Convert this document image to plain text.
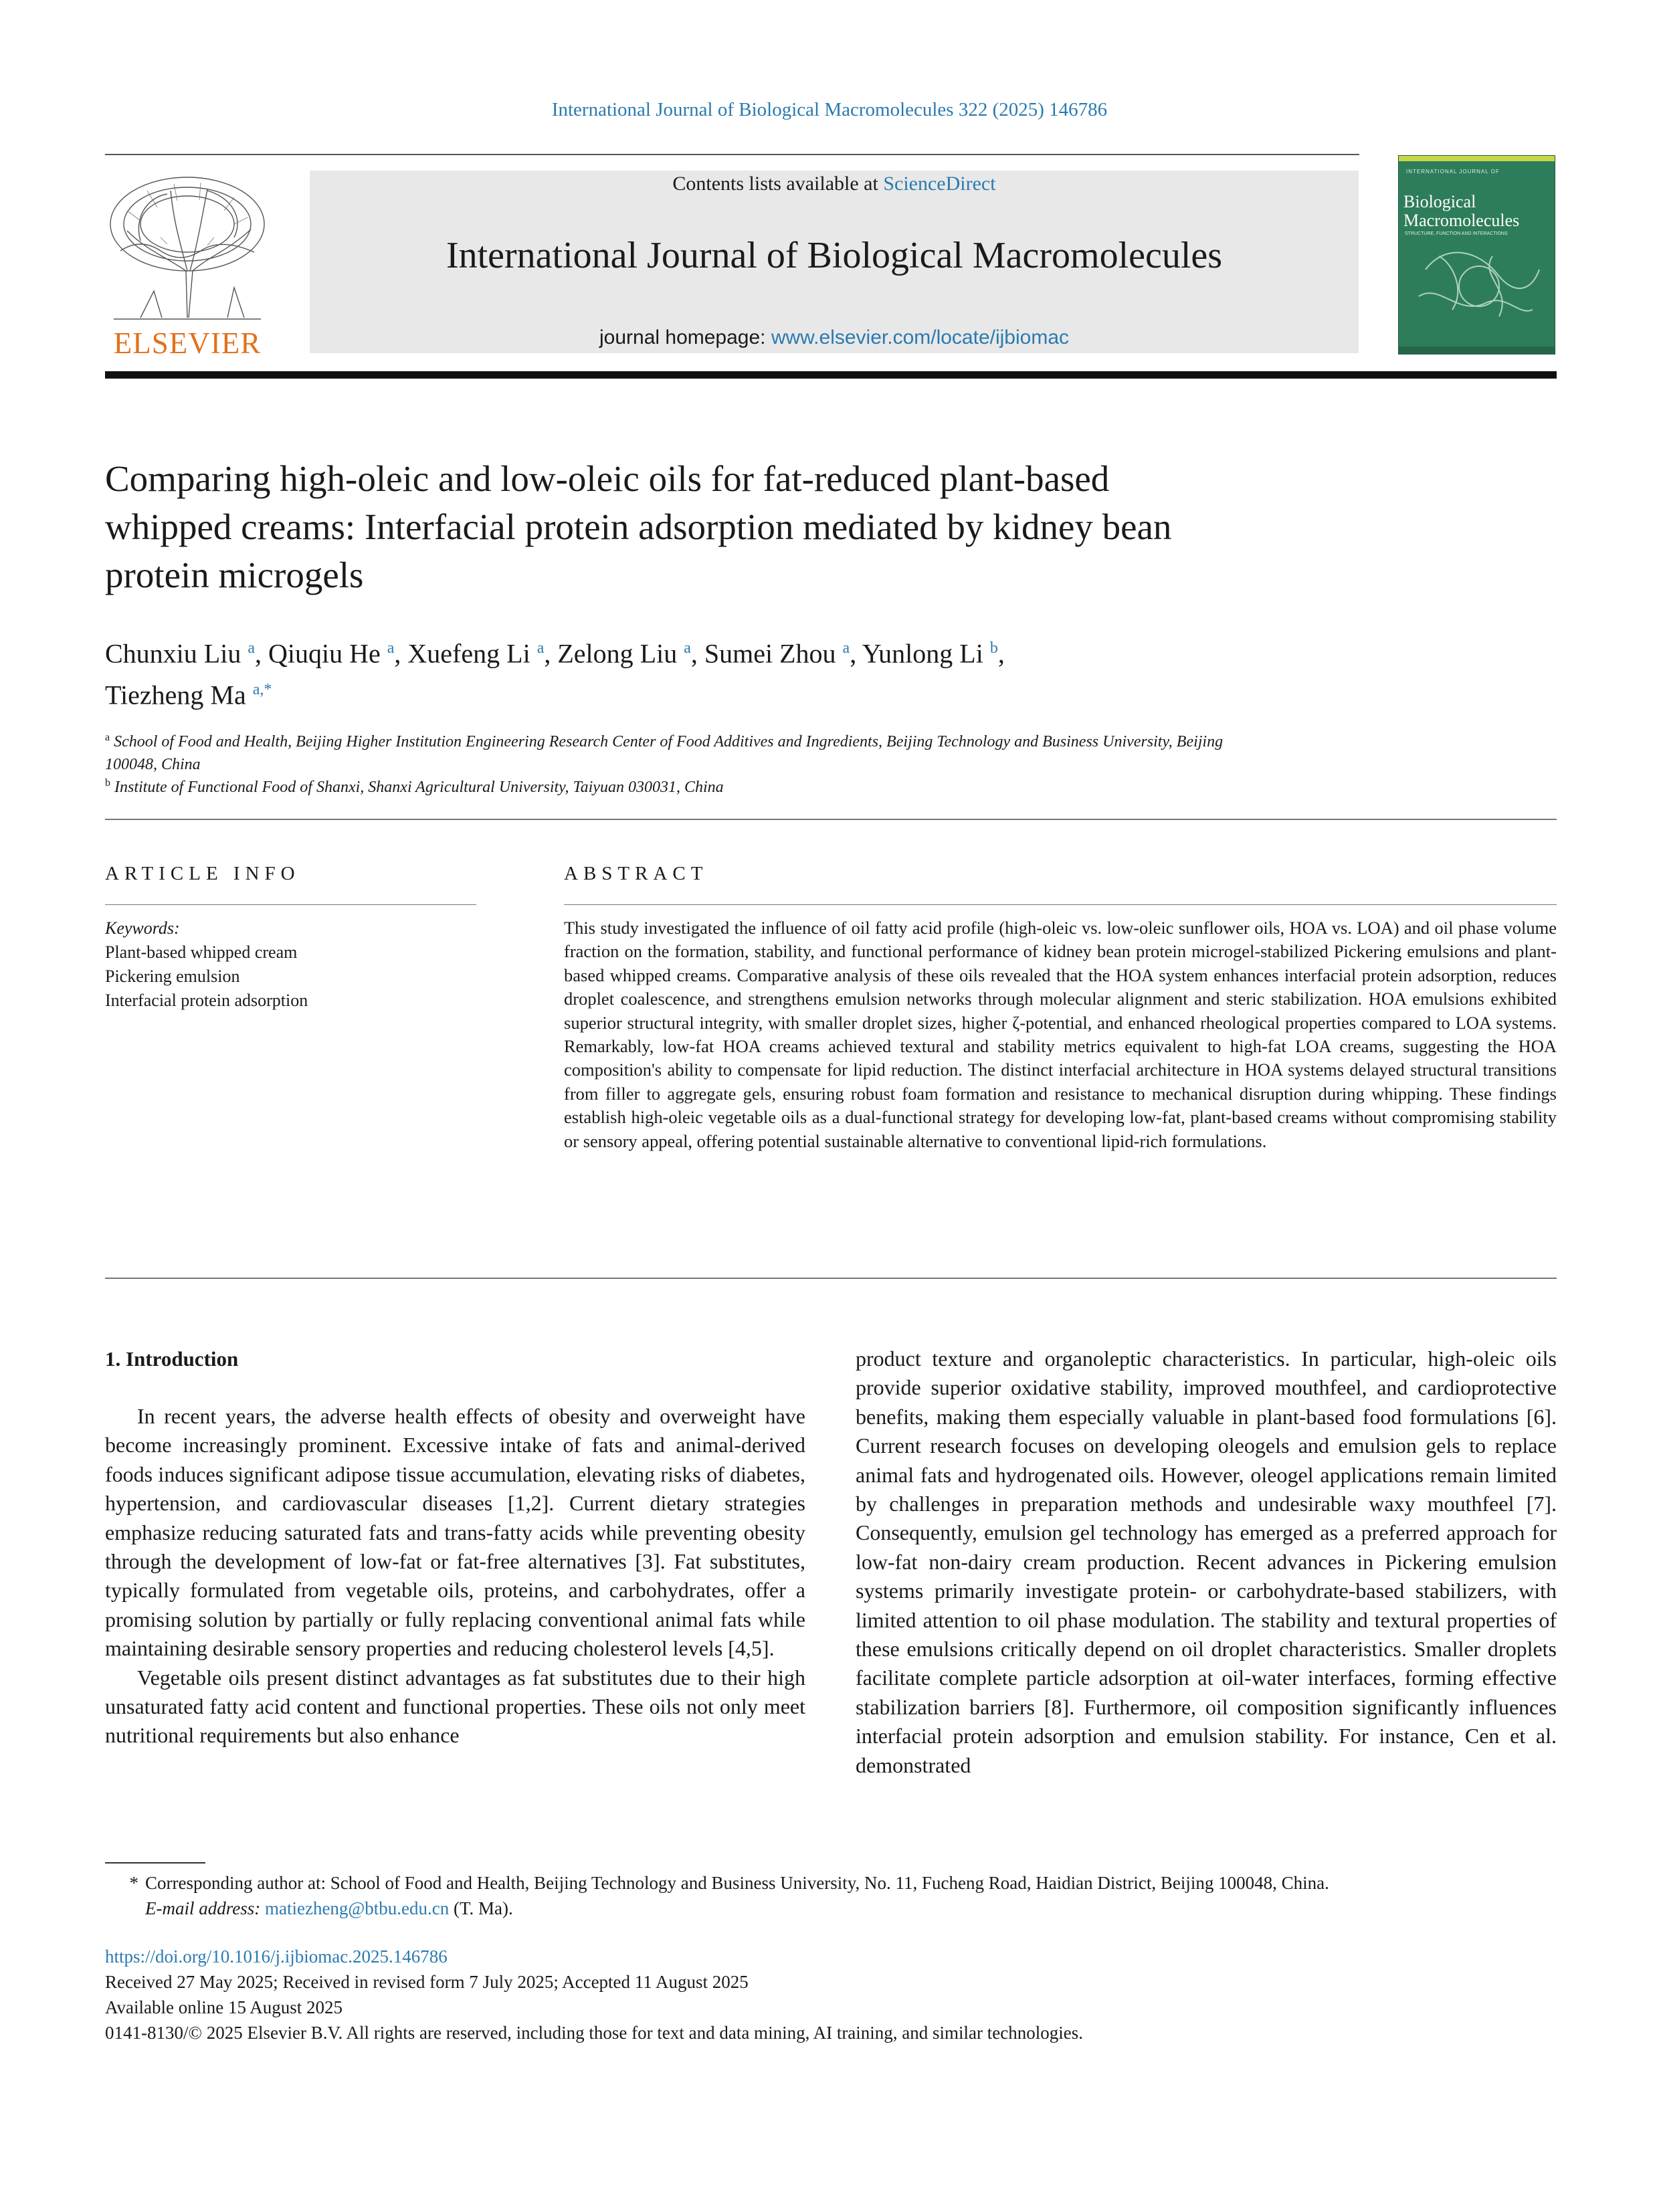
International Journal of Biological Macromolecules 322 (2025) 146786
ELSEVIER
Contents lists available at ScienceDirect
International Journal of Biological Macromolecules
journal homepage: www.elsevier.com/locate/ijbiomac
INTERNATIONAL JOURNAL OF
Biological Macromolecules
STRUCTURE, FUNCTION AND INTERACTIONS
Comparing high-oleic and low-oleic oils for fat-reduced plant-based
whipped creams: Interfacial protein adsorption mediated by kidney bean
protein microgels
Chunxiu Liu $^a$, Qiuqiu He $^a$, Xuefeng Li $^a$, Zelong Liu $^a$, Sumei Zhou $^a$, Yunlong Li $^b$,
Tiezheng Ma $^{a,*}$
$^a$ School of Food and Health, Beijing Higher Institution Engineering Research Center of Food Additives and Ingredients, Beijing Technology and Business University, Beijing
100048, China
$^b$ Institute of Functional Food of Shanxi, Shanxi Agricultural University, Taiyuan 030031, China
ARTICLE INFO	ABSTRACT
Keywords:
Plant-based whipped cream
Pickering emulsion
Interfacial protein adsorption
This study investigated the influence of oil fatty acid profile (high-oleic vs. low-oleic sunflower oils, HOA vs. LOA) and oil phase volume fraction on the formation, stability, and functional performance of kidney bean protein microgel-stabilized Pickering emulsions and plant-based whipped creams. Comparative analysis of these oils revealed that the HOA system enhances interfacial protein adsorption, reduces droplet coalescence, and strengthens emulsion networks through molecular alignment and steric stabilization. HOA emulsions exhibited superior structural integrity, with smaller droplet sizes, higher ζ-potential, and enhanced rheological properties compared to LOA systems. Remarkably, low-fat HOA creams achieved textural and stability metrics equivalent to high-fat LOA creams, suggesting the HOA composition's ability to compensate for lipid reduction. The distinct interfacial architecture in HOA systems delayed structural transitions from filler to aggregate gels, ensuring robust foam formation and resistance to mechanical disruption during whipping. These findings establish high-oleic vegetable oils as a dual-functional strategy for developing low-fat, plant-based creams without compromising stability or sensory appeal, offering potential sustainable alternative to conventional lipid-rich formulations.
1. Introduction

In recent years, the adverse health effects of obesity and overweight have become increasingly prominent. Excessive intake of fats and animal-derived foods induces significant adipose tissue accumulation, elevating risks of diabetes, hypertension, and cardiovascular diseases [1,2]. Current dietary strategies emphasize reducing saturated fats and trans-fatty acids while preventing obesity through the development of low-fat or fat-free alternatives [3]. Fat substitutes, typically formulated from vegetable oils, proteins, and carbohydrates, offer a promising solution by partially or fully replacing conventional animal fats while maintaining desirable sensory properties and reducing cholesterol levels [4,5].

Vegetable oils present distinct advantages as fat substitutes due to their high unsaturated fatty acid content and functional properties. These oils not only meet nutritional requirements but also enhance

product texture and organoleptic characteristics. In particular, high-oleic oils provide superior oxidative stability, improved mouthfeel, and cardioprotective benefits, making them especially valuable in plant-based food formulations [6]. Current research focuses on developing oleogels and emulsion gels to replace animal fats and hydrogenated oils. However, oleogel applications remain limited by challenges in preparation methods and undesirable waxy mouthfeel [7]. Consequently, emulsion gel technology has emerged as a preferred approach for low-fat non-dairy cream production. Recent advances in Pickering emulsion systems primarily investigate protein- or carbohydrate-based stabilizers, with limited attention to oil phase modulation. The stability and textural properties of these emulsions critically depend on oil droplet characteristics. Smaller droplets facilitate complete particle adsorption at oil-water interfaces, forming effective stabilization barriers [8]. Furthermore, oil composition significantly influences interfacial protein adsorption and emulsion stability. For instance, Cen et al. demonstrated

* Corresponding author at: School of Food and Health, Beijing Technology and Business University, No. 11, Fucheng Road, Haidian District, Beijing 100048, China.
E-mail address: matiezheng@btbu.edu.cn (T. Ma).
https://doi.org/10.1016/j.ijbiomac.2025.146786
Received 27 May 2025; Received in revised form 7 July 2025; Accepted 11 August 2025
Available online 15 August 2025
0141-8130/© 2025 Elsevier B.V. All rights are reserved, including those for text and data mining, AI training, and similar technologies.
